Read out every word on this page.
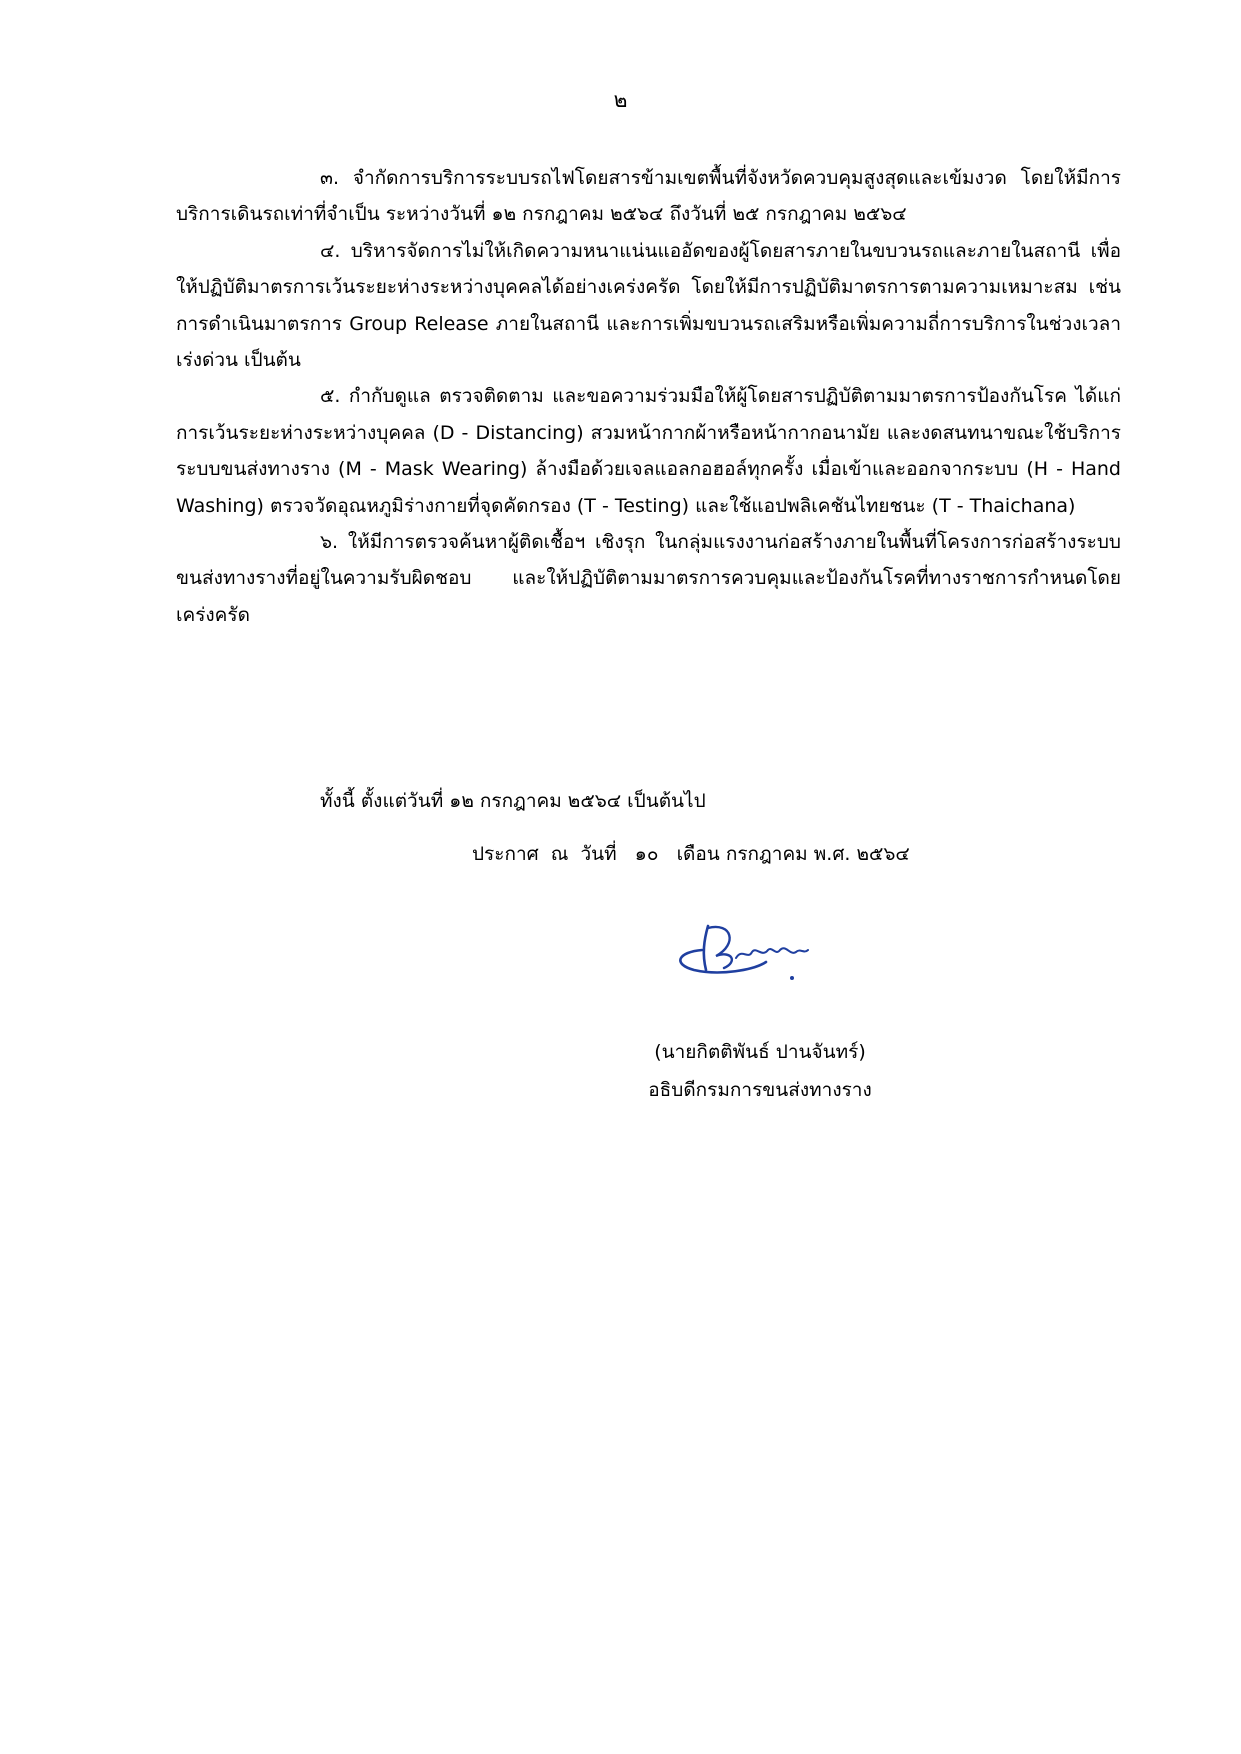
๒

๓. จำกัดการบริการระบบรถไฟโดยสารข้ามเขตพื้นที่จังหวัดควบคุมสูงสุดและเข้มงวด โดยให้มีการบริการเดินรถเท่าที่จำเป็น ระหว่างวันที่ ๑๒ กรกฎาคม ๒๕๖๔ ถึงวันที่ ๒๕ กรกฎาคม ๒๕๖๔

๔. บริหารจัดการไม่ให้เกิดความหนาแน่นแออัดของผู้โดยสารภายในขบวนรถและภายในสถานี เพื่อให้ปฏิบัติมาตรการเว้นระยะห่างระหว่างบุคคลได้อย่างเคร่งครัด โดยให้มีการปฏิบัติมาตรการตามความเหมาะสม เช่น การดำเนินมาตรการ Group Release ภายในสถานี และการเพิ่มขบวนรถเสริมหรือเพิ่มความถี่การบริการในช่วงเวลาเร่งด่วน เป็นต้น

๕. กำกับดูแล ตรวจติดตาม และขอความร่วมมือให้ผู้โดยสารปฏิบัติตามมาตรการป้องกันโรค ได้แก่ การเว้นระยะห่างระหว่างบุคคล (D - Distancing) สวมหน้ากากผ้าหรือหน้ากากอนามัย และงดสนทนาขณะใช้บริการระบบขนส่งทางราง (M - Mask Wearing) ล้างมือด้วยเจลแอลกอฮอล์ทุกครั้ง เมื่อเข้าและออกจากระบบ (H - Hand Washing) ตรวจวัดอุณหภูมิร่างกายที่จุดคัดกรอง (T - Testing) และใช้แอปพลิเคชันไทยชนะ (T - Thaichana)

๖. ให้มีการตรวจค้นหาผู้ติดเชื้อฯ เชิงรุก ในกลุ่มแรงงานก่อสร้างภายในพื้นที่โครงการก่อสร้างระบบขนส่งทางรางที่อยู่ในความรับผิดชอบ และให้ปฏิบัติตามมาตรการควบคุมและป้องกันโรคที่ทางราชการกำหนดโดยเคร่งครัด

ทั้งนี้ ตั้งแต่วันที่ ๑๒ กรกฎาคม ๒๕๖๔ เป็นต้นไป

ประกาศ  ณ  วันที่   ๑๐   เดือน กรกฎาคม พ.ศ. ๒๕๖๔

(นายกิตติพันธ์ ปานจันทร์)

อธิบดีกรมการขนส่งทางราง
